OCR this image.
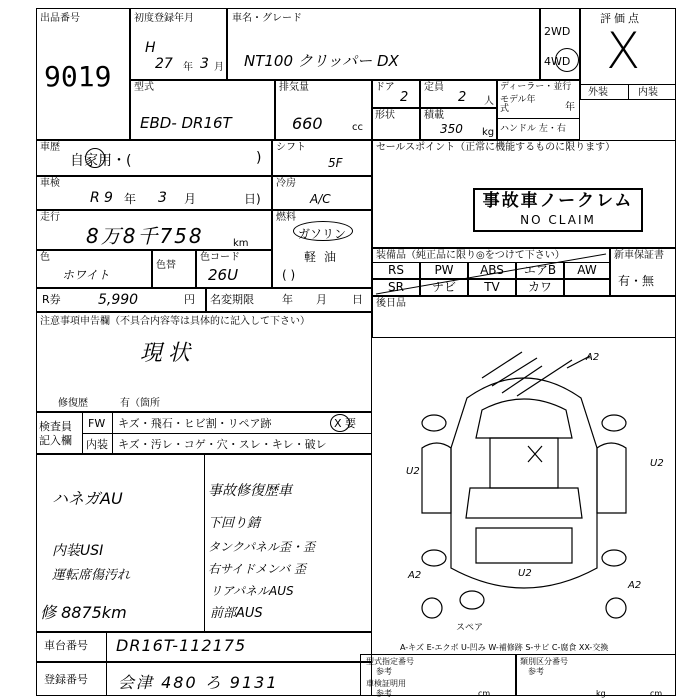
出品番号
9019
初度登録年月
H
27 年 3 月
車名・グレード
NT100 クリッパー DX
2WD
4WD
評価点
X
外装	内装
型式
EBD- DR16T
排気量
660	cc
ドア
2
定員
2 人
ディーラー・並行
モデル年式	年
ハンドル 左・右
形状	積載
350 kg
車歴
自家用・(	)
シフト
5F
セールスポイント（正常に機能するものに限ります）
事故車ノークレム
NO CLAIM
車検
R 9 年 3 月	日)
冷房
A/C
走行
8万8千758	km
燃料
ガソリン
軽油
( )
色
ホワイト
色替
色コード
26U
R券	5,990	円 名変期限	年 月 日
装備品（純正品に限り◎をつけて下さい）
RS	PW	ABS	エアB	AW
SR	ナビ	TV	カワ
新車保証書
有・無
後日品
注意事項申告欄（不具合内容等は具体的に記入して下さい）
現状
修復歴	有（箇所
検査員記入欄
FW キズ・飛石・ヒビ割・リペア跡	X 要
内装 キズ・汚レ・コゲ・穴・スレ・キレ・破レ
ハネガAU
内装USI
運転席傷汚れ
修 8875km
事故修復歴車
下回り錆
タンクパネル歪・歪
右サイドメンバ 歪
リアパネルAUS
前部AUS
A2
U2
U2
A2
A2
U2
スペア
A-キズ E-エクボ U-凹み W-補修跡 S-サビ C-腐食 XX-交換
車台番号 DR16T-112175
登録番号 会津 480 ろ 9131
型式指定番号
参考
車検証明用
参考	cm
類別区分番号
参考
kg	cm
